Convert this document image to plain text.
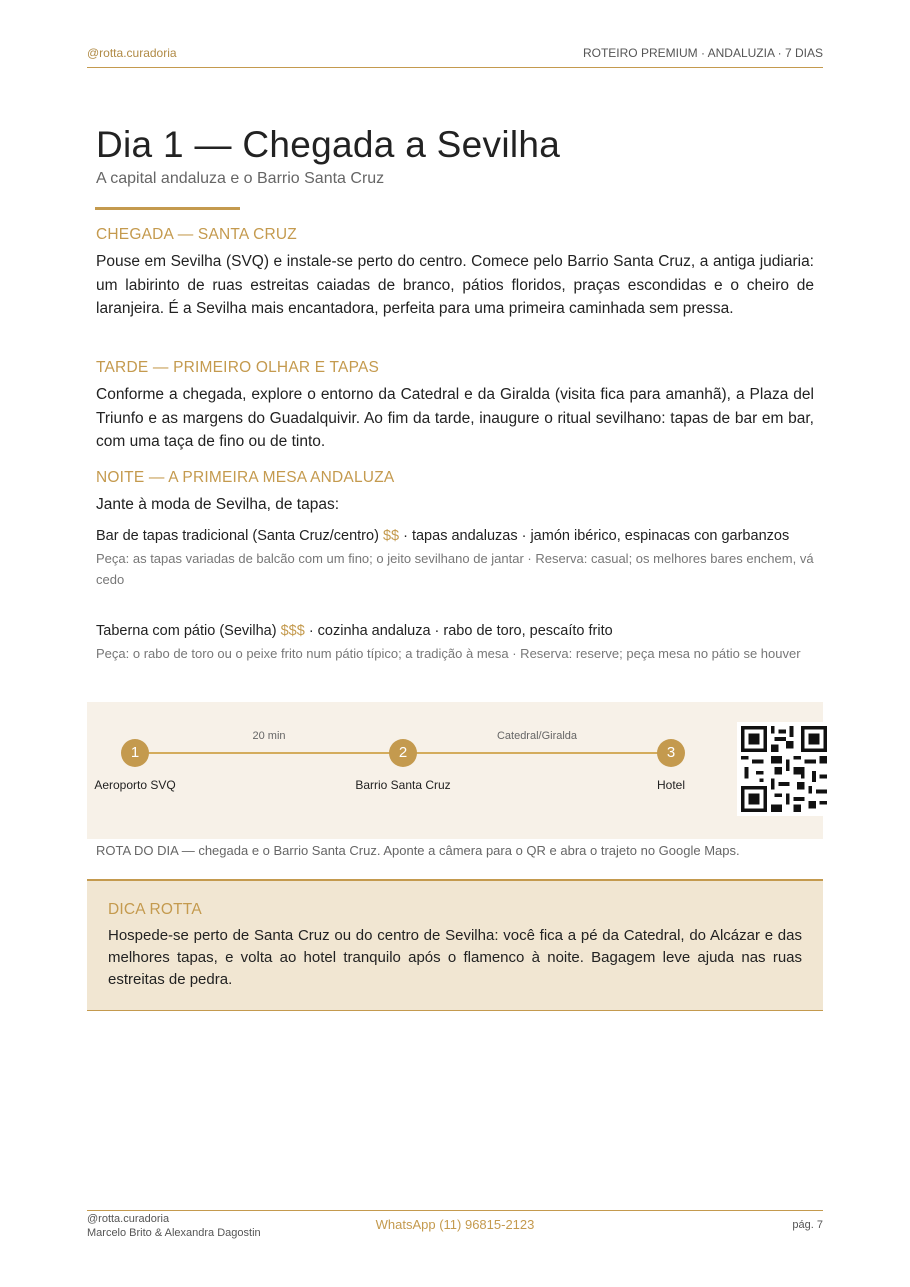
@rotta.curadoria	ROTEIRO PREMIUM · ANDALUZIA · 7 DIAS
Dia 1 — Chegada a Sevilha
A capital andaluza e o Barrio Santa Cruz
CHEGADA — SANTA CRUZ
Pouse em Sevilha (SVQ) e instale-se perto do centro. Comece pelo Barrio Santa Cruz, a antiga judiaria: um labirinto de ruas estreitas caiadas de branco, pátios floridos, praças escondidas e o cheiro de laranjeira. É a Sevilha mais encantadora, perfeita para uma primeira caminhada sem pressa.
TARDE — PRIMEIRO OLHAR E TAPAS
Conforme a chegada, explore o entorno da Catedral e da Giralda (visita fica para amanhã), a Plaza del Triunfo e as margens do Guadalquivir. Ao fim da tarde, inaugure o ritual sevilhano: tapas de bar em bar, com uma taça de fino ou de tinto.
NOITE — A PRIMEIRA MESA ANDALUZA
Jante à moda de Sevilha, de tapas:
Bar de tapas tradicional (Santa Cruz/centro) $$ · tapas andaluzas · jamón ibérico, espinacas con garbanzos
Peça: as tapas variadas de balcão com um fino; o jeito sevilhano de jantar · Reserva: casual; os melhores bares enchem, vá cedo
Taberna com pátio (Sevilha) $$$ · cozinha andaluza · rabo de toro, pescaíto frito
Peça: o rabo de toro ou o peixe frito num pátio típico; a tradição à mesa · Reserva: reserve; peça mesa no pátio se houver
20 min	Catedral/Giralda
1	2	3
Aeroporto SVQ	Barrio Santa Cruz	Hotel
ROTA DO DIA — chegada e o Barrio Santa Cruz. Aponte a câmera para o QR e abra o trajeto no Google Maps.
DICA ROTTA
Hospede-se perto de Santa Cruz ou do centro de Sevilha: você fica a pé da Catedral, do Alcázar e das melhores tapas, e volta ao hotel tranquilo após o flamenco à noite. Bagagem leve ajuda nas ruas estreitas de pedra.
@rotta.curadoria
Marcelo Brito & Alexandra Dagostin
WhatsApp (11) 96815-2123	pág. 7
